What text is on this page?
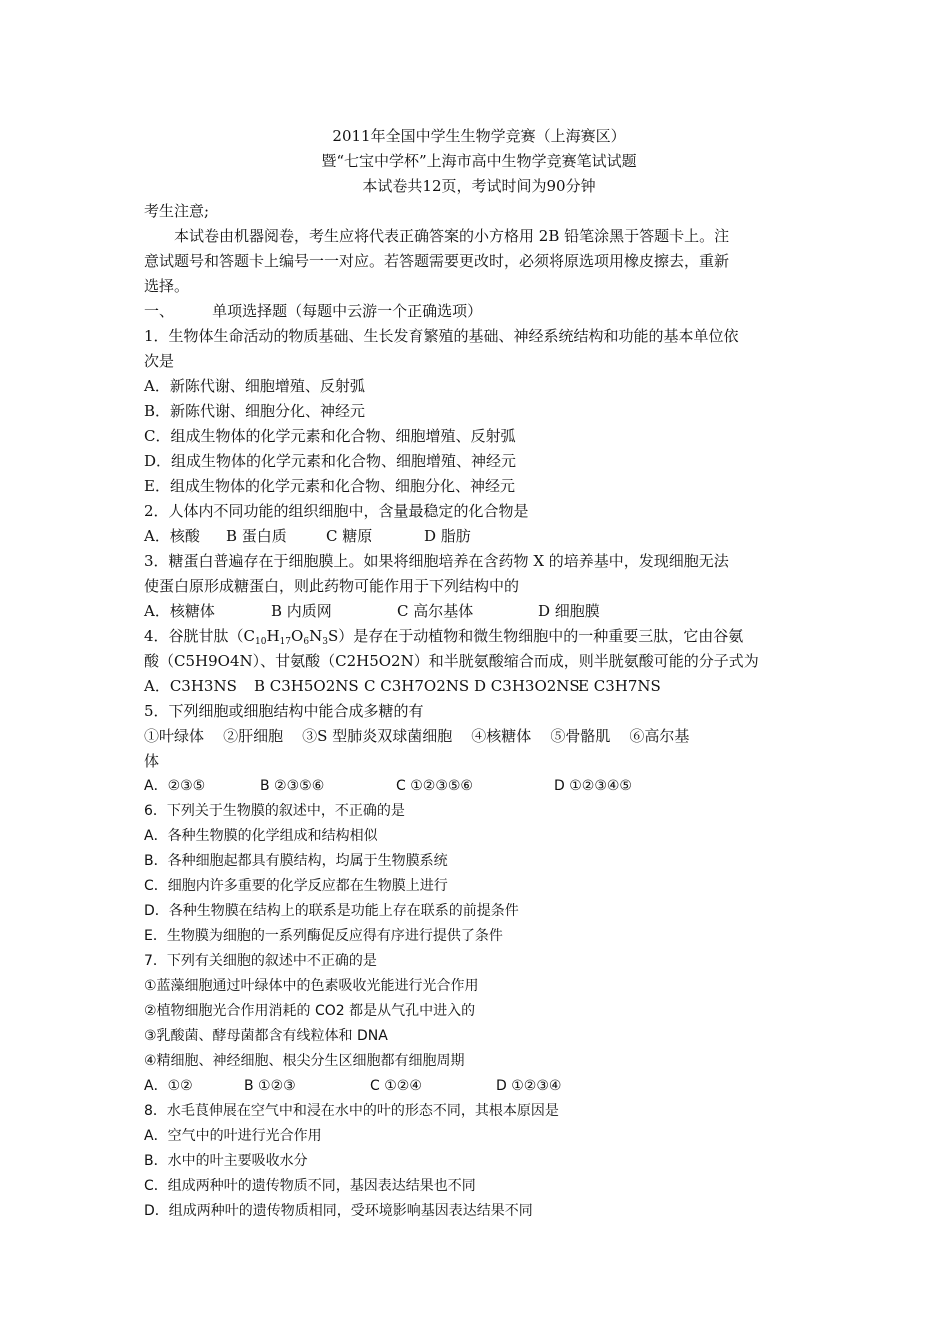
2011年全国中学生生物学竞赛（上海赛区）
暨“七宝中学杯”上海市高中生物学竞赛笔试试题
本试卷共12页，考试时间为90分钟
考生注意;
本试卷由机器阅卷，考生应将代表正确答案的小方格用 2B 铅笔涂黑于答题卡上。注
意试题号和答题卡上编号一一对应。若答题需要更改时，必须将原选项用橡皮擦去，重新
选择。
一、        单项选择题（每题中云游一个正确选项）
1．生物体生命活动的物质基础、生长发育繁殖的基础、神经系统结构和功能的基本单位依
次是
A．新陈代谢、细胞增殖、反射弧
B．新陈代谢、细胞分化、神经元
C．组成生物体的化学元素和化合物、细胞增殖、反射弧
D．组成生物体的化学元素和化合物、细胞增殖、神经元
E．组成生物体的化学元素和化合物、细胞分化、神经元
2．人体内不同功能的组织细胞中，含量最稳定的化合物是
A．核酸 B 蛋白质	C 糖原	D 脂肪
3．糖蛋白普遍存在于细胞膜上。如果将细胞培养在含药物 X 的培养基中，发现细胞无法
使蛋白原形成糖蛋白，则此药物可能作用于下列结构中的
A．核糖体	B 内质网	C 高尔基体	D 细胞膜
4．谷胱甘肽$(C_{10}H_{17}O_6N_3S)$是存在于动植物和微生物细胞中的一种重要三肽，它由谷氨
酸（C5H9O4N）、甘氨酸（C2H5O2N）和半胱氨酸缩合而成，则半胱氨酸可能的分子式为
A．C3H3NS B C3H5O2NS C C3H7O2NS D C3H3O2NSE C3H7NS
5．下列细胞或细胞结构中能合成多糖的有
①叶绿体    ②肝细胞    ③S 型肺炎双球菌细胞    ④核糖体    ⑤骨骼肌    ⑥高尔基
体
A．②③⑤	B ②③⑤⑥	C ①②③⑤⑥	D ①②③④⑤
6．下列关于生物膜的叙述中，不正确的是
A．各种生物膜的化学组成和结构相似
B．各种细胞起都具有膜结构，均属于生物膜系统
C．细胞内许多重要的化学反应都在生物膜上进行
D．各种生物膜在结构上的联系是功能上存在联系的前提条件
E．生物膜为细胞的一系列酶促反应得有序进行提供了条件
7．下列有关细胞的叙述中不正确的是
①蓝藻细胞通过叶绿体中的色素吸收光能进行光合作用
②植物细胞光合作用消耗的 CO2 都是从气孔中进入的
③乳酸菌、酵母菌都含有线粒体和 DNA
④精细胞、神经细胞、根尖分生区细胞都有细胞周期
A．①②	B ①②③	C ①②④	D ①②③④
8．水毛茛伸展在空气中和浸在水中的叶的形态不同，其根本原因是
A．空气中的叶进行光合作用
B．水中的叶主要吸收水分
C．组成两种叶的遗传物质不同，基因表达结果也不同
D．组成两种叶的遗传物质相同，受环境影响基因表达结果不同
